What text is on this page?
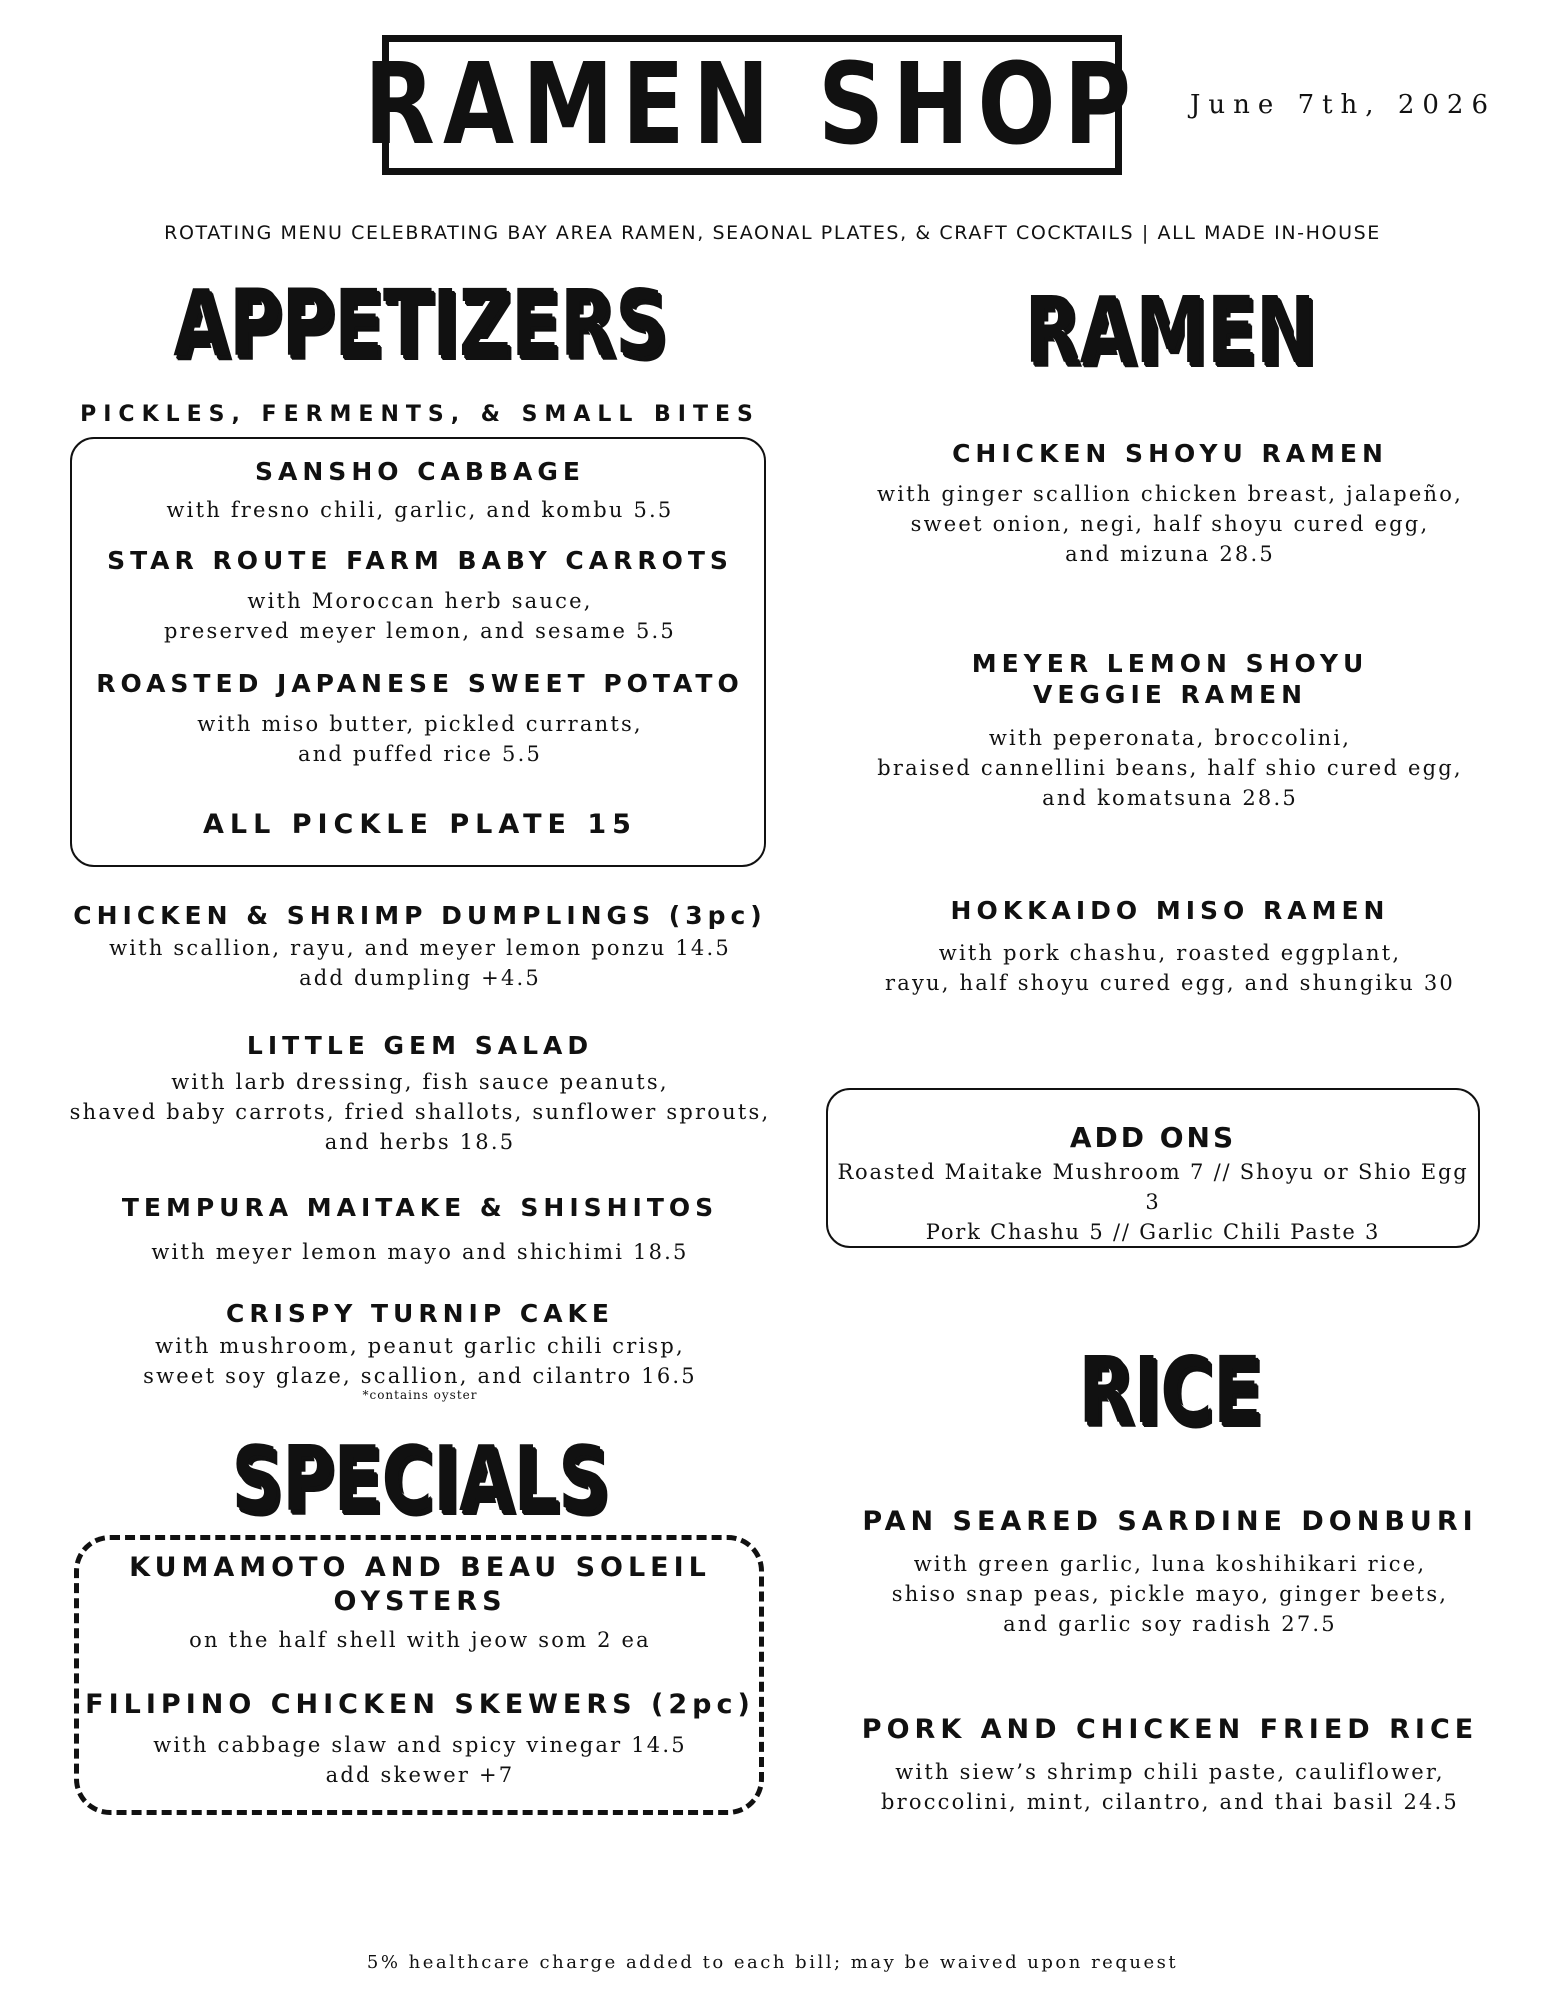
RAMEN SHOP June 7th, 2026
ROTATING MENU CELEBRATING BAY AREA RAMEN, SEAONAL PLATES, & CRAFT COCKTAILS | ALL MADE IN-HOUSE
APPETIZERS
PICKLES, FERMENTS, & SMALL BITES
SANSHO CABBAGE
with fresno chili, garlic, and kombu 5.5
STAR ROUTE FARM BABY CARROTS
with Moroccan herb sauce,
preserved meyer lemon, and sesame 5.5
ROASTED JAPANESE SWEET POTATO
with miso butter, pickled currants,
and puffed rice 5.5
ALL PICKLE PLATE 15
CHICKEN & SHRIMP DUMPLINGS (3pc)
with scallion, rayu, and meyer lemon ponzu 14.5
add dumpling +4.5
LITTLE GEM SALAD
with larb dressing, fish sauce peanuts,
shaved baby carrots, fried shallots, sunflower sprouts,
and herbs 18.5
TEMPURA MAITAKE & SHISHITOS
with meyer lemon mayo and shichimi 18.5
CRISPY TURNIP CAKE
with mushroom, peanut garlic chili crisp,
sweet soy glaze, scallion, and cilantro 16.5
*contains oyster
SPECIALS
KUMAMOTO AND BEAU SOLEIL
OYSTERS
on the half shell with jeow som 2 ea
FILIPINO CHICKEN SKEWERS (2pc)
with cabbage slaw and spicy vinegar 14.5
add skewer +7
RAMEN
CHICKEN SHOYU RAMEN
with ginger scallion chicken breast, jalapeño,
sweet onion, negi, half shoyu cured egg,
and mizuna 28.5
MEYER LEMON SHOYU
VEGGIE RAMEN
with peperonata, broccolini,
braised cannellini beans, half shio cured egg,
and komatsuna 28.5
HOKKAIDO MISO RAMEN
with pork chashu, roasted eggplant,
rayu, half shoyu cured egg, and shungiku 30
ADD ONS
Roasted Maitake Mushroom 7 // Shoyu or Shio Egg 3
Pork Chashu 5 // Garlic Chili Paste 3
RICE
PAN SEARED SARDINE DONBURI
with green garlic, luna koshihikari rice,
shiso snap peas, pickle mayo, ginger beets,
and garlic soy radish 27.5
PORK AND CHICKEN FRIED RICE
with siew’s shrimp chili paste, cauliflower,
broccolini, mint, cilantro, and thai basil 24.5
5% healthcare charge added to each bill; may be waived upon request
